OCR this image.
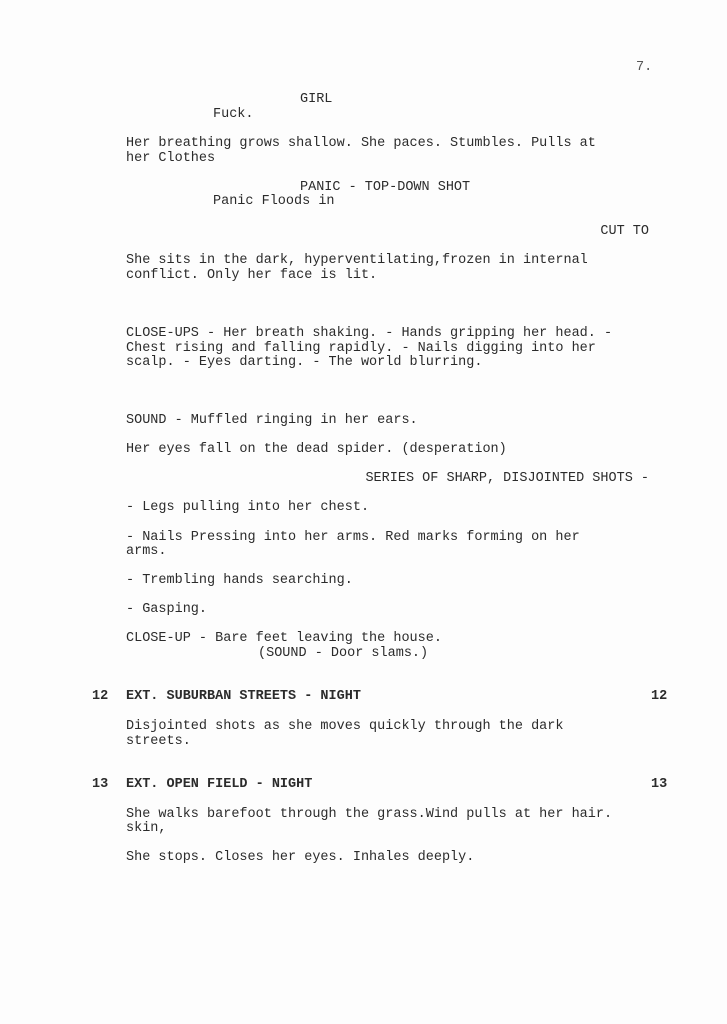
7.
GIRL
Fuck.
Her breathing grows shallow. She paces. Stumbles. Pulls at
her Clothes
PANIC - TOP-DOWN SHOT
Panic Floods in
CUT TO
She sits in the dark, hyperventilating,frozen in internal
conflict. Only her face is lit.
CLOSE-UPS - Her breath shaking. - Hands gripping her head. -
Chest rising and falling rapidly. - Nails digging into her
scalp. - Eyes darting. - The world blurring.
SOUND - Muffled ringing in her ears.
Her eyes fall on the dead spider. (desperation)
SERIES OF SHARP, DISJOINTED SHOTS -
- Legs pulling into her chest.
- Nails Pressing into her arms. Red marks forming on her
arms.
- Trembling hands searching.
- Gasping.
CLOSE-UP - Bare feet leaving the house.
(SOUND - Door slams.)
12 EXT. SUBURBAN STREETS - NIGHT	12
Disjointed shots as she moves quickly through the dark
streets.
13 EXT. OPEN FIELD - NIGHT	13
She walks barefoot through the grass.Wind pulls at her hair.
skin,
She stops. Closes her eyes. Inhales deeply.
